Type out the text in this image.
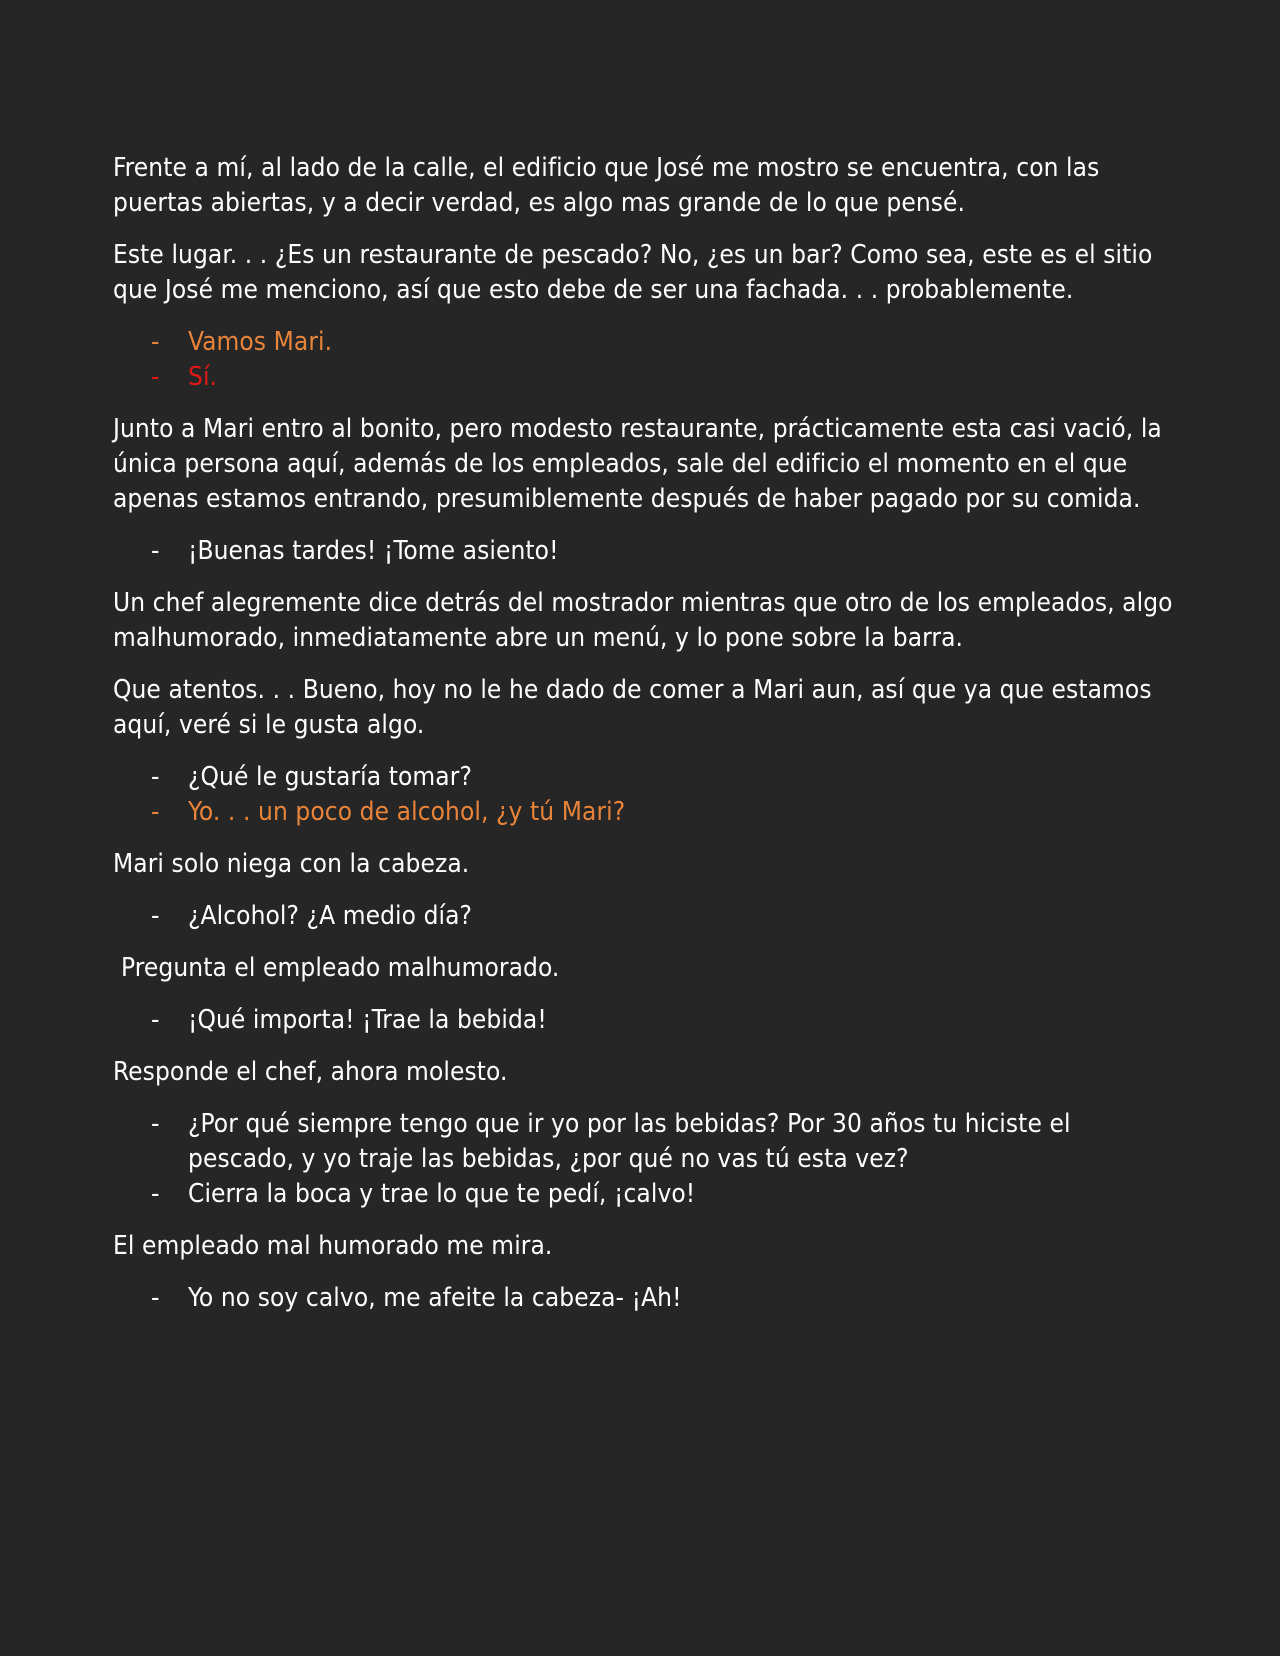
Frente a mí, al lado de la calle, el edificio que José me mostro se encuentra, con las puertas abiertas, y a decir verdad, es algo mas grande de lo que pensé.

Este lugar. . . ¿Es un restaurante de pescado? No, ¿es un bar? Como sea, este es el sitio que José me menciono, así que esto debe de ser una fachada. . . probablemente.

- Vamos Mari.
- Sí.

Junto a Mari entro al bonito, pero modesto restaurante, prácticamente esta casi vació, la única persona aquí, además de los empleados, sale del edificio el momento en el que apenas estamos entrando, presumiblemente después de haber pagado por su comida.

- ¡Buenas tardes! ¡Tome asiento!

Un chef alegremente dice detrás del mostrador mientras que otro de los empleados, algo malhumorado, inmediatamente abre un menú, y lo pone sobre la barra.

Que atentos. . . Bueno, hoy no le he dado de comer a Mari aun, así que ya que estamos aquí, veré si le gusta algo.

- ¿Qué le gustaría tomar?
- Yo. . . un poco de alcohol, ¿y tú Mari?

Mari solo niega con la cabeza.

- ¿Alcohol? ¿A medio día?

Pregunta el empleado malhumorado.

- ¡Qué importa! ¡Trae la bebida!

Responde el chef, ahora molesto.

- ¿Por qué siempre tengo que ir yo por las bebidas? Por 30 años tu hiciste el pescado, y yo traje las bebidas, ¿por qué no vas tú esta vez?
- Cierra la boca y trae lo que te pedí, ¡calvo!

El empleado mal humorado me mira.

- Yo no soy calvo, me afeite la cabeza- ¡Ah!
